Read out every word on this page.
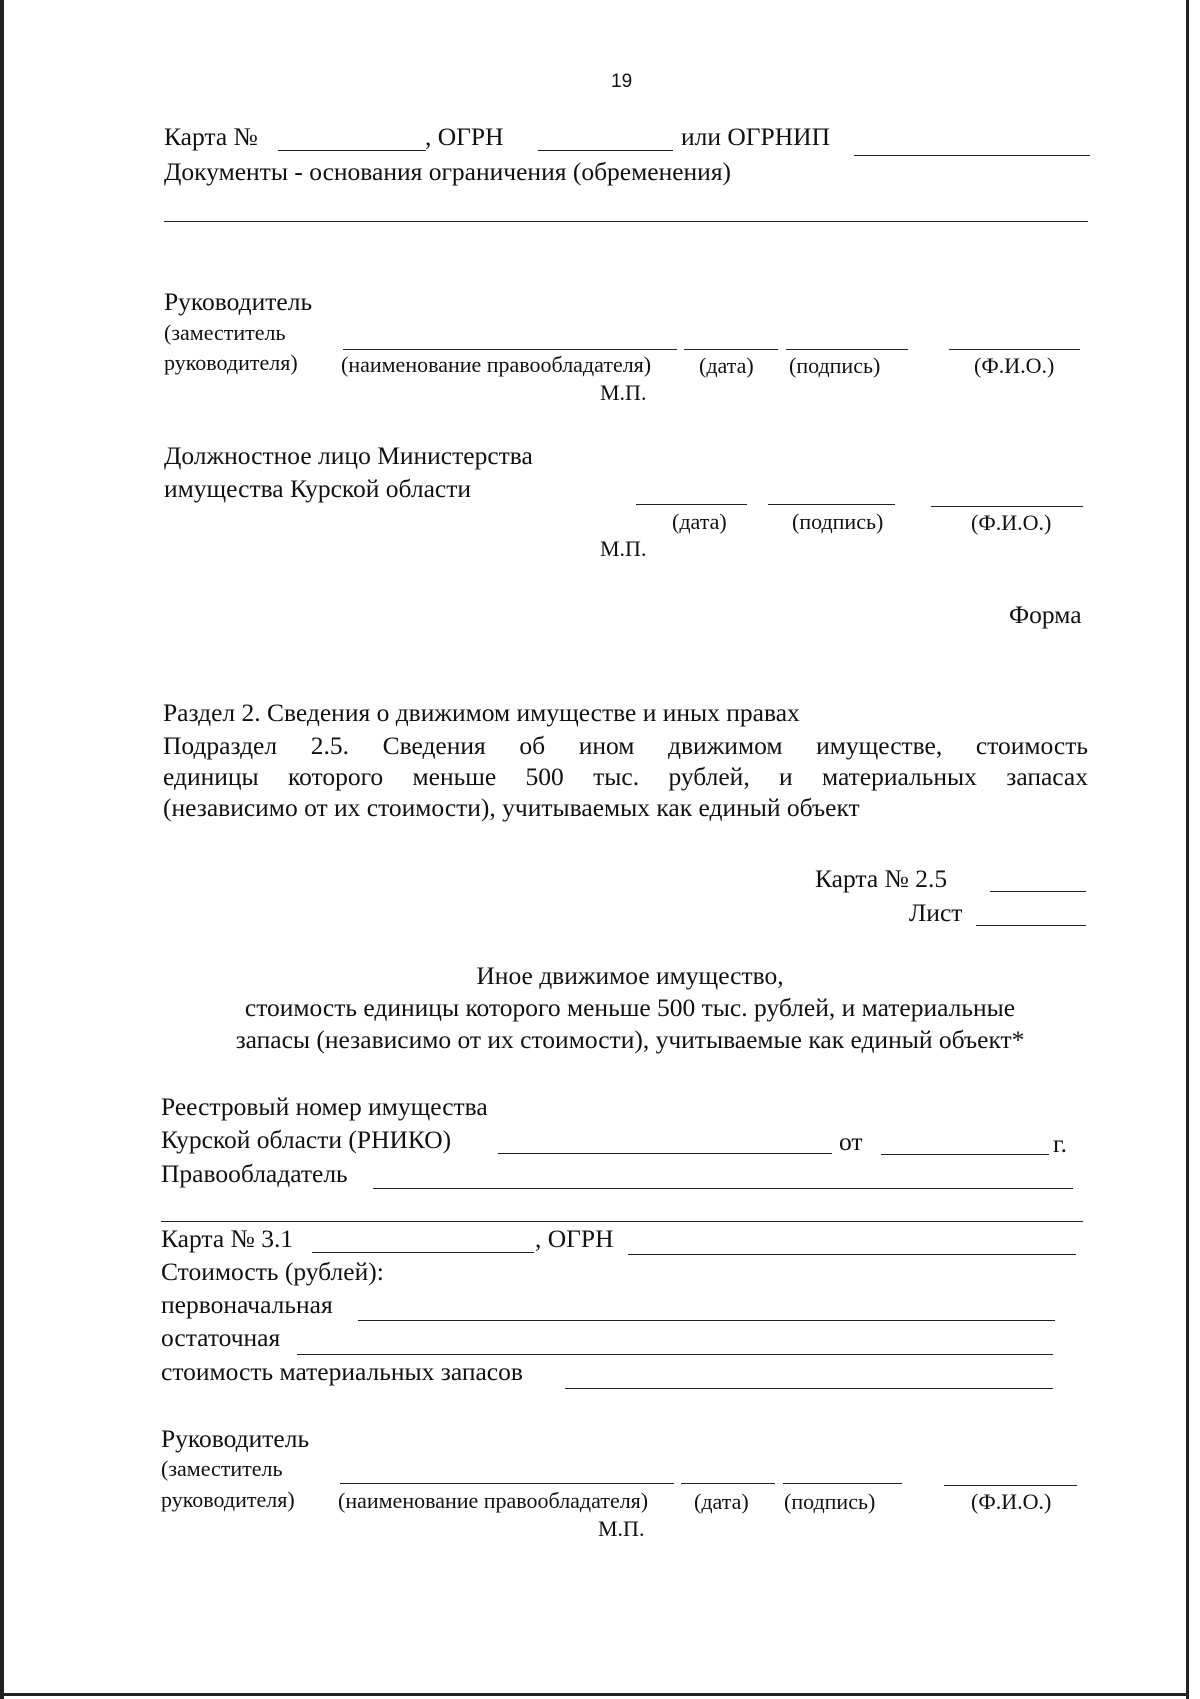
19
Карта №	, ОГРН	или ОГРНИП
Документы - основания ограничения (обременения)
Руководитель
(заместитель
руководителя) (наименование правообладателя) (дата) (подпись)	(Ф.И.О.)
М.П.
Должностное лицо Министерства
имущества Курской области
(дата)	(подпись)	(Ф.И.О.)
М.П.
Форма
Раздел 2. Сведения о движимом имуществе и иных правах
Подраздел 2.5. Сведения об ином движимом имуществе, стоимость
единицы которого меньше 500 тыс. рублей, и материальных запасах
(независимо от их стоимости), учитываемых как единый объект
Карта № 2.5
Лист
Иное движимое имущество,
стоимость единицы которого меньше 500 тыс. рублей, и материальные
запасы (независимо от их стоимости), учитываемые как единый объект*
Реестровый номер имущества
Курской области (РНИКО)	от	г.
Правообладатель
Карта № 3.1	, ОГРН
Стоимость (рублей):
первоначальная
остаточная
стоимость материальных запасов
Руководитель
(заместитель
руководителя) (наименование правообладателя) (дата) (подпись)	(Ф.И.О.)
М.П.
